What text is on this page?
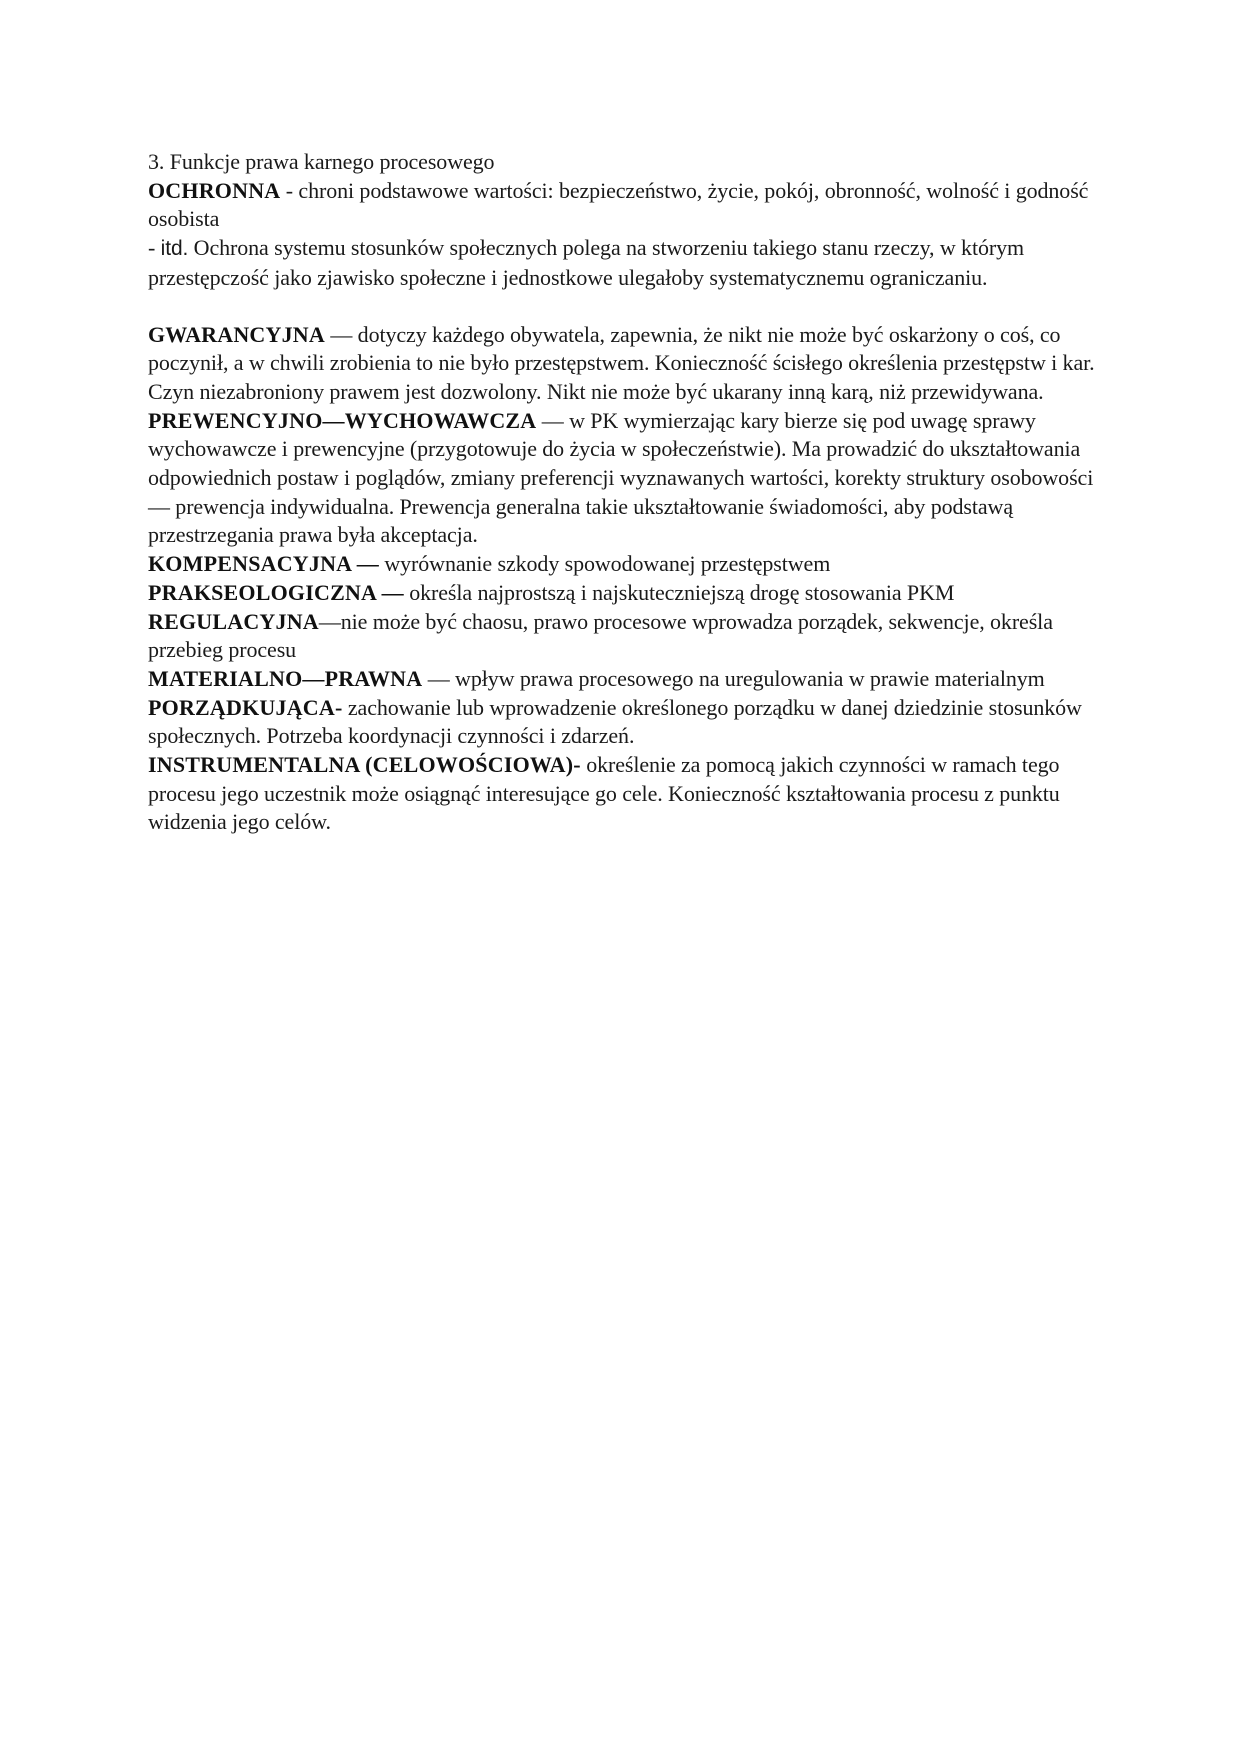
3. Funkcje prawa karnego procesowego

OCHRONNA - chroni podstawowe wartości: bezpieczeństwo, życie, pokój, obronność, wolność i godność osobista

- itd. Ochrona systemu stosunków społecznych polega na stworzeniu takiego stanu rzeczy, w którym przestępczość jako zjawisko społeczne i jednostkowe ulegałoby systematycznemu ograniczaniu.

GWARANCYJNA — dotyczy każdego obywatela, zapewnia, że nikt nie może być oskarżony o coś, co poczynił, a w chwili zrobienia to nie było przestępstwem. Konieczność ścisłego określenia przestępstw i kar. Czyn niezabroniony prawem jest dozwolony. Nikt nie może być ukarany inną karą, niż przewidywana.

PREWENCYJNO—WYCHOWAWCZA — w PK wymierzając kary bierze się pod uwagę sprawy wychowawcze i prewencyjne (przygotowuje do życia w społeczeństwie). Ma prowadzić do ukształtowania odpowiednich postaw i poglądów, zmiany preferencji wyznawanych wartości, korekty struktury osobowości — prewencja indywidualna. Prewencja generalna takie ukształtowanie świadomości, aby podstawą przestrzegania prawa była akceptacja.

KOMPENSACYJNA — wyrównanie szkody spowodowanej przestępstwem

PRAKSEOLOGICZNA — określa najprostszą i najskuteczniejszą drogę stosowania PKM

REGULACYJNA—nie może być chaosu, prawo procesowe wprowadza porządek, sekwencje, określa przebieg procesu

MATERIALNO—PRAWNA — wpływ prawa procesowego na uregulowania w prawie materialnym

PORZĄDKUJĄCA- zachowanie lub wprowadzenie określonego porządku w danej dziedzinie stosunków społecznych. Potrzeba koordynacji czynności i zdarzeń.

INSTRUMENTALNA (CELOWOŚCIOWA)- określenie za pomocą jakich czynności w ramach tego procesu jego uczestnik może osiągnąć interesujące go cele. Konieczność kształtowania procesu z punktu widzenia jego celów.
